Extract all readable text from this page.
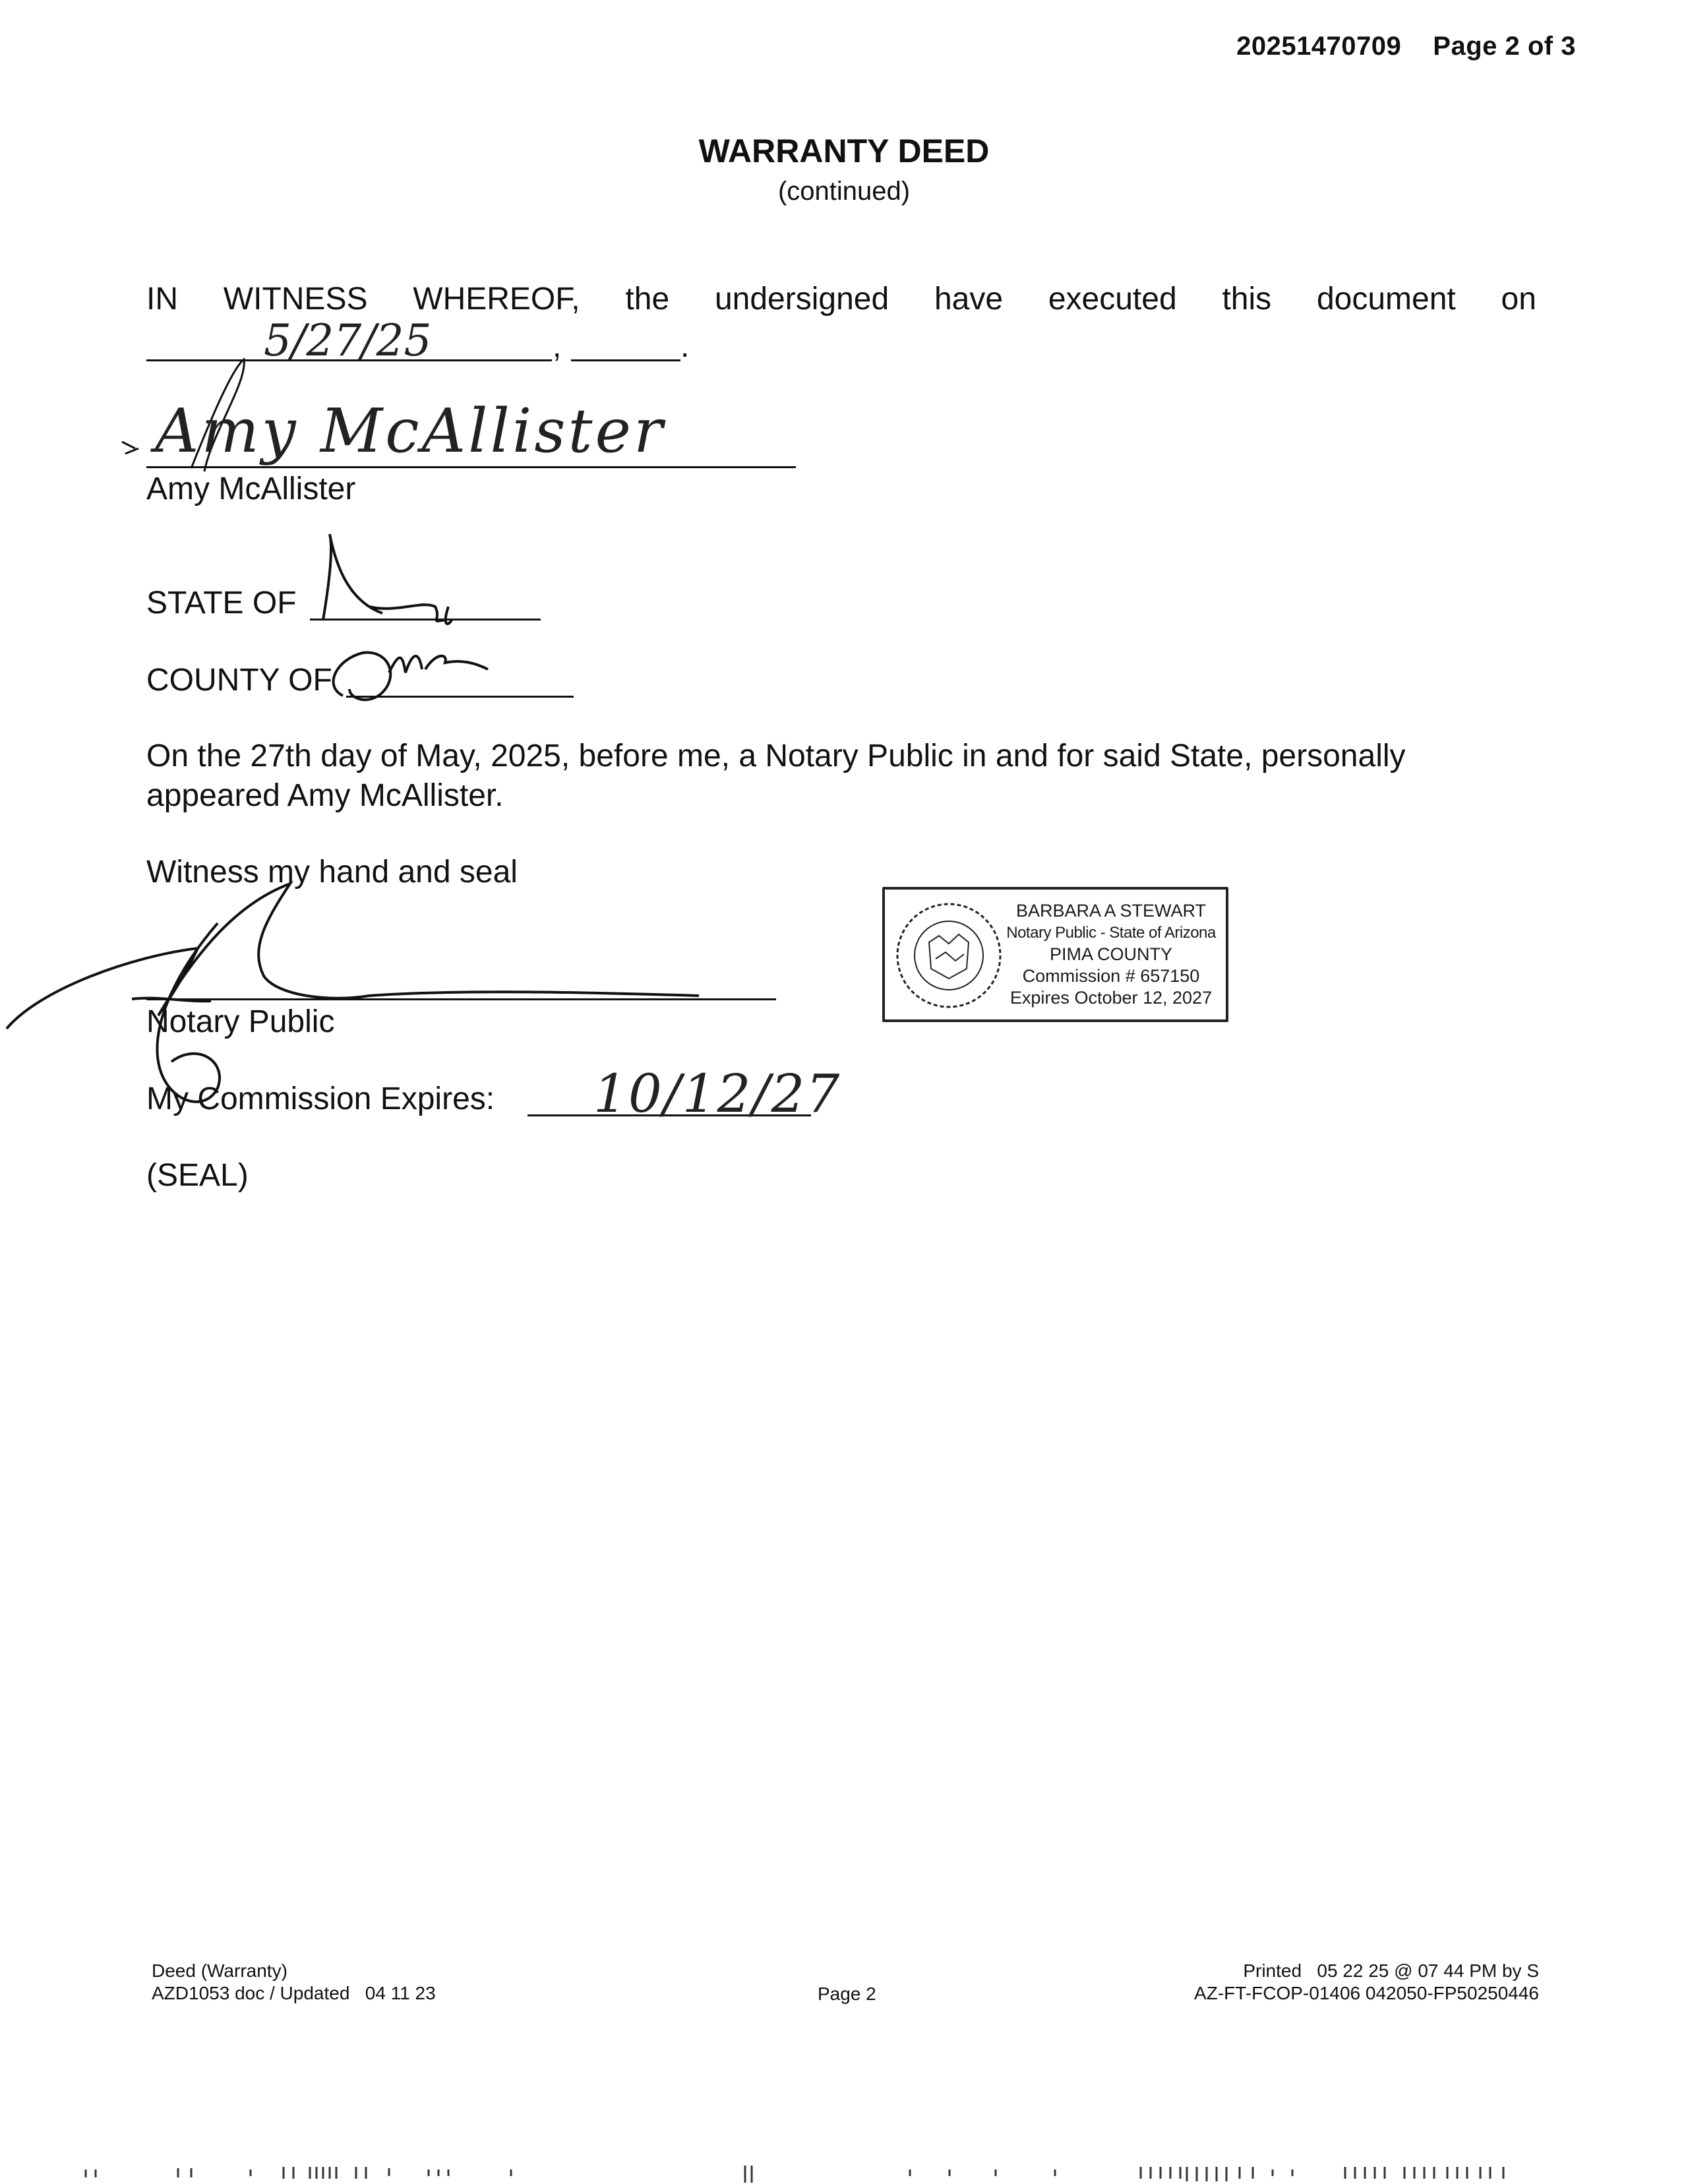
20251470709 Page 2 of 3
WARRANTY DEED
(continued)
IN WITNESS WHEREOF, the undersigned have executed this document on
5/27/25	,	.
Amy McAllister
Amy McAllister
STATE OF
COUNTY OF
On the 27th day of May, 2025, before me, a Notary Public in and for said State, personally
appeared Amy McAllister.
Witness my hand and seal
Notary Public
My Commission Expires: 10/12/27
(SEAL)
BARBARA A STEWART
Notary Public - State of Arizona
PIMA COUNTY
Commission # 657150
Expires October 12, 2027
Deed (Warranty)
AZD1053 doc / Updated   04 11 23	Page 2
Printed   05 22 25 @ 07 44 PM by S
AZ-FT-FCOP-01406 042050-FP50250446
